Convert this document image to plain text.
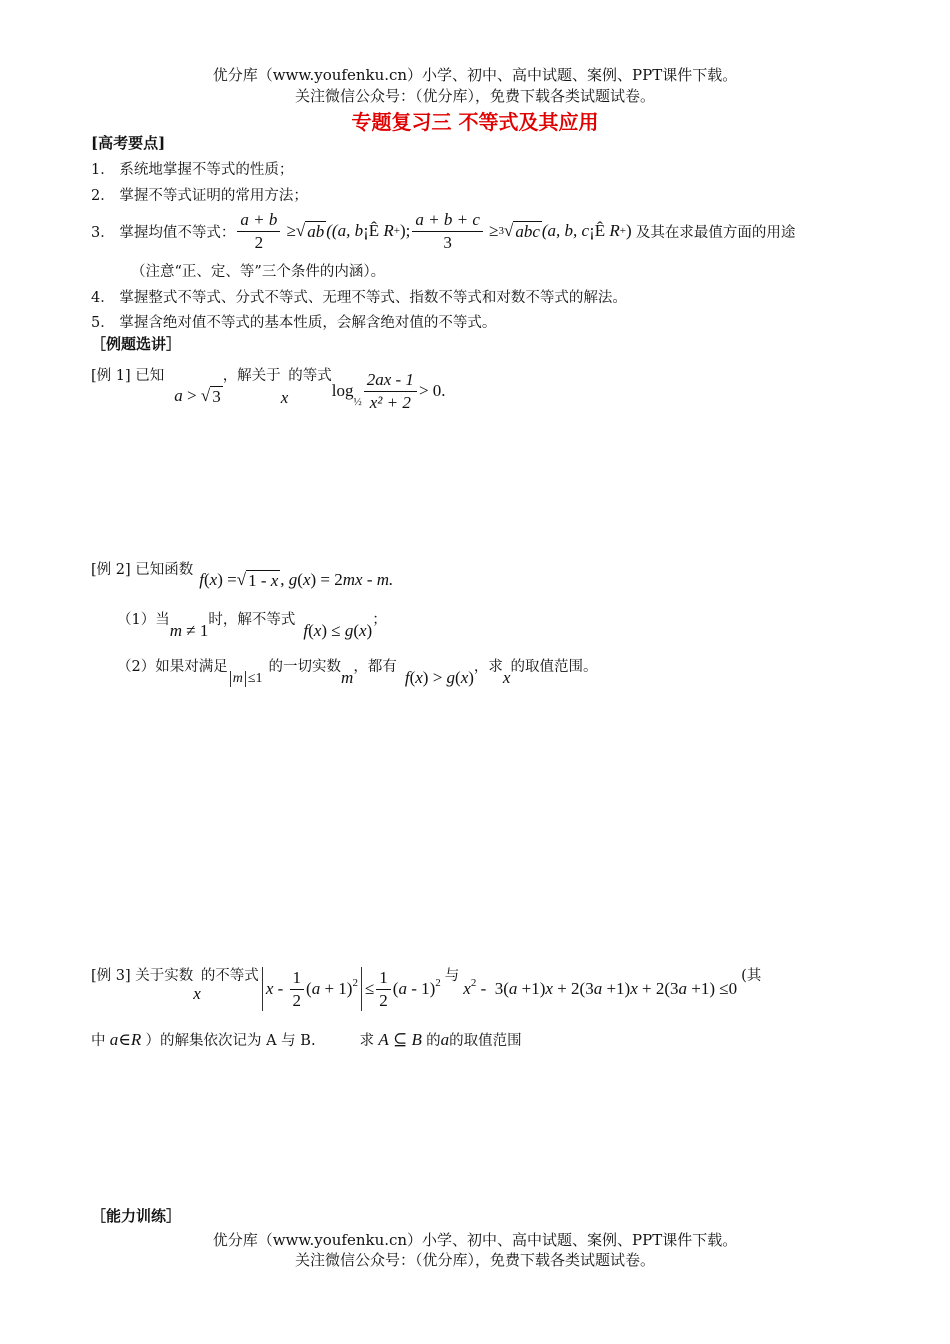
优分库（www.youfenku.cn）小学、初中、高中试题、案例、PPT课件下载。
关注微信公众号：（优分库），免费下载各类试题试卷。
专题复习三 不等式及其应用
[高考要点]
1． 系统地掌握不等式的性质；
2． 掌握不等式证明的常用方法；
3． 掌握均值不等式： $\frac{a + b}{2}$ ≥ √ ab ((a, b ¡Ê R + ); $\frac{a + b + c}{3} \ge 3$ √ abc (a, b, c ¡Ê R + ) 及其在求最值方面的用途
（注意“正、定、等”三个条件的内涵）。
4． 掌握整式不等式、分式不等式、无理不等式、指数不等式和对数不等式的解法。
5． 掌握含绝对值不等式的基本性质，会解含绝对值的不等式。
［例题选讲］
[例 1] 已知
a > √ 3
，解关于
x
的等式
log
½ $\frac{2ax - 1}{\text{x² + 2}} > 0$.
[例 2] 已知函数 f ( x ) =√ 1 - x , g ( x ) = 2 mx - m.
（1）当
m ≠ 1
时，解不等式
f ( x ) ≤ g ( x )
；
（2）如果对满足
m ≤1
的一切实数
m
，都有
f ( x ) > g ( x )
，求
x
的取值范围。
[例 3] 关于实数
x
的不等式
x - $\frac{1}{2}$ ( a + 1) $2 \le \frac{1}{2}$ ( a - 1) 2 与
x 2 -  3( a +1) x + 2(3 a +1) x + 2(3 a +1) ≤0
(其
中 a ∈ R ）的解集依次记为 A 与 B.	求 A ⊆ B 的 a 的取值范围
［能力训练］
优分库（www.youfenku.cn）小学、初中、高中试题、案例、PPT课件下载。
关注微信公众号：（优分库），免费下载各类试题试卷。
